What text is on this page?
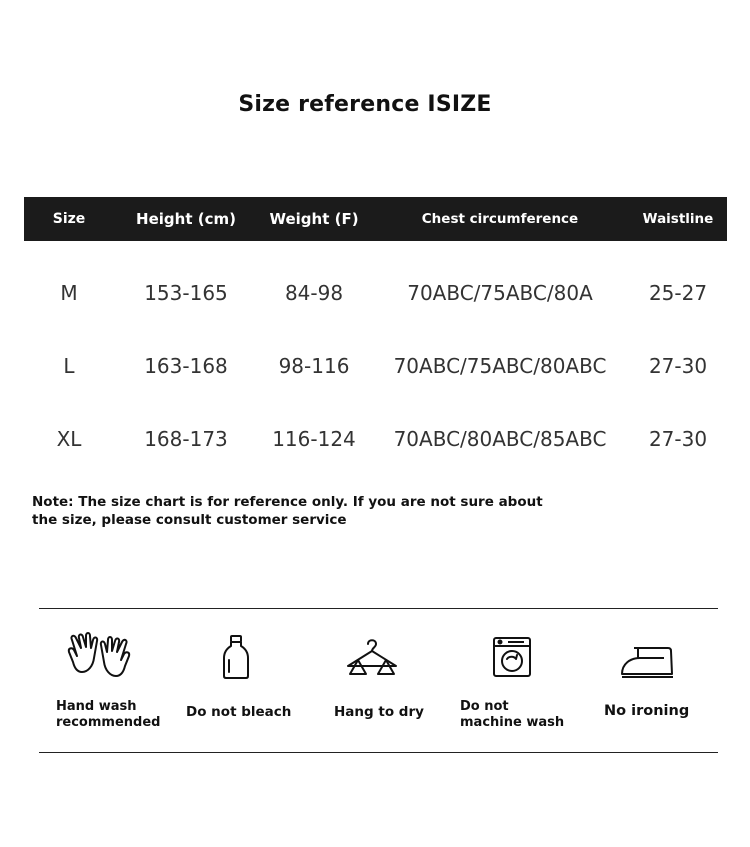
Size reference ISIZE
Size	Height (cm)	Weight (F)	Chest circumference	Waistline
M	153-165	84-98	70ABC/75ABC/80A	25-27
L	163-168	98-116	70ABC/75ABC/80ABC	27-30
XL	168-173	116-124	70ABC/80ABC/85ABC	27-30
Note: The size chart is for reference only. If you are not sure about the size, please consult customer service
Hand wash recommended
Do not bleach	Hang to dry	Do not machine wash
No ironing
